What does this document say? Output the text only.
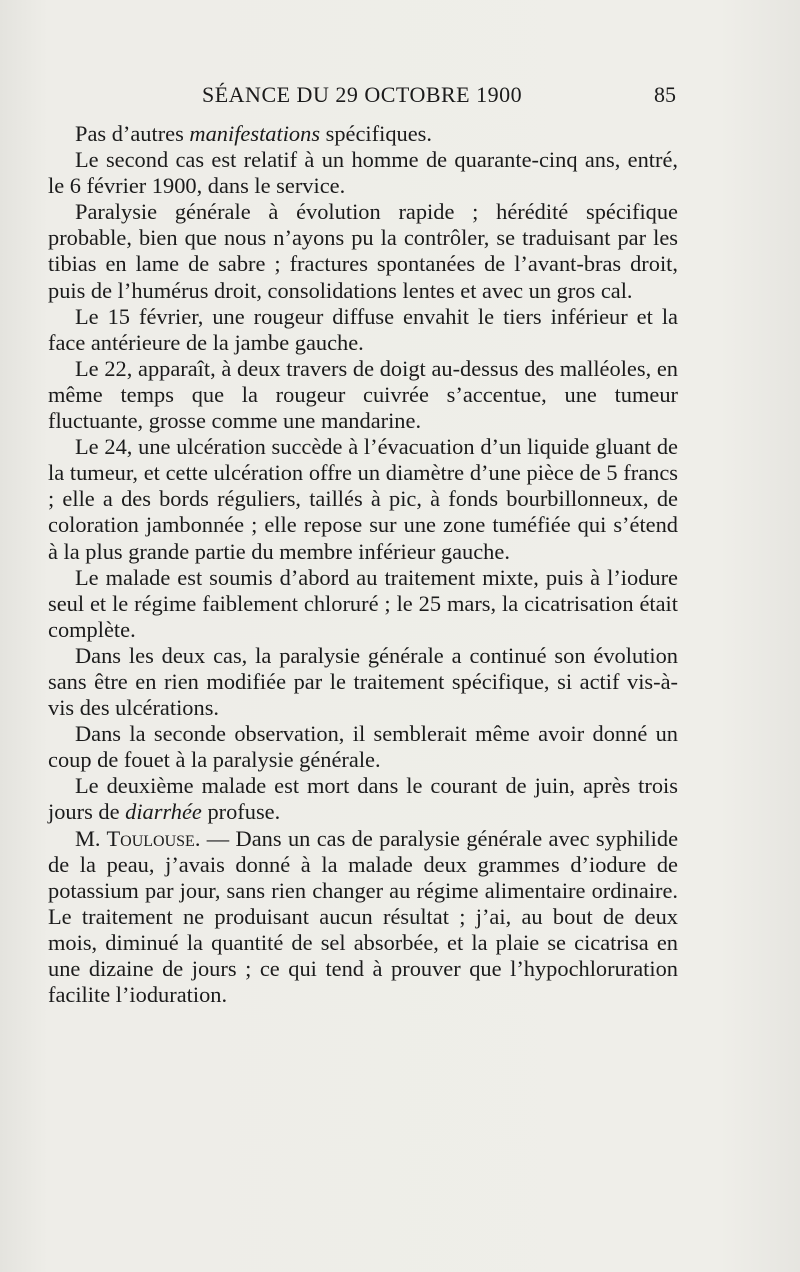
SÉANCE DU 29 OCTOBRE 1900	85

Pas d’autres manifestations spécifiques.

Le second cas est relatif à un homme de quarante-cinq ans, entré, le 6 février 1900, dans le service.

Paralysie générale à évolution rapide ; hérédité spécifique probable, bien que nous n’ayons pu la contrôler, se traduisant par les tibias en lame de sabre ; fractures spontanées de l’avant-bras droit, puis de l’humérus droit, consolidations lentes et avec un gros cal.

Le 15 février, une rougeur diffuse envahit le tiers inférieur et la face antérieure de la jambe gauche.

Le 22, apparaît, à deux travers de doigt au-dessus des malléoles, en même temps que la rougeur cuivrée s’accentue, une tumeur fluctuante, grosse comme une mandarine.

Le 24, une ulcération succède à l’évacuation d’un liquide gluant de la tumeur, et cette ulcération offre un diamètre d’une pièce de 5 francs ; elle a des bords réguliers, taillés à pic, à fonds bourbillonneux, de coloration jambonnée ; elle repose sur une zone tuméfiée qui s’étend à la plus grande partie du membre inférieur gauche.

Le malade est soumis d’abord au traitement mixte, puis à l’iodure seul et le régime faiblement chloruré ; le 25 mars, la cicatrisation était complète.

Dans les deux cas, la paralysie générale a continué son évolution sans être en rien modifiée par le traitement spécifique, si actif vis-à-vis des ulcérations.

Dans la seconde observation, il semblerait même avoir donné un coup de fouet à la paralysie générale.

Le deuxième malade est mort dans le courant de juin, après trois jours de diarrhée profuse.

M. Toulouse. — Dans un cas de paralysie générale avec syphilide de la peau, j’avais donné à la malade deux grammes d’iodure de potassium par jour, sans rien changer au régime alimentaire ordinaire. Le traitement ne produisant aucun résultat ; j’ai, au bout de deux mois, diminué la quantité de sel absorbée, et la plaie se cicatrisa en une dizaine de jours ; ce qui tend à prouver que l’hypochloruration facilite l’ioduration.
